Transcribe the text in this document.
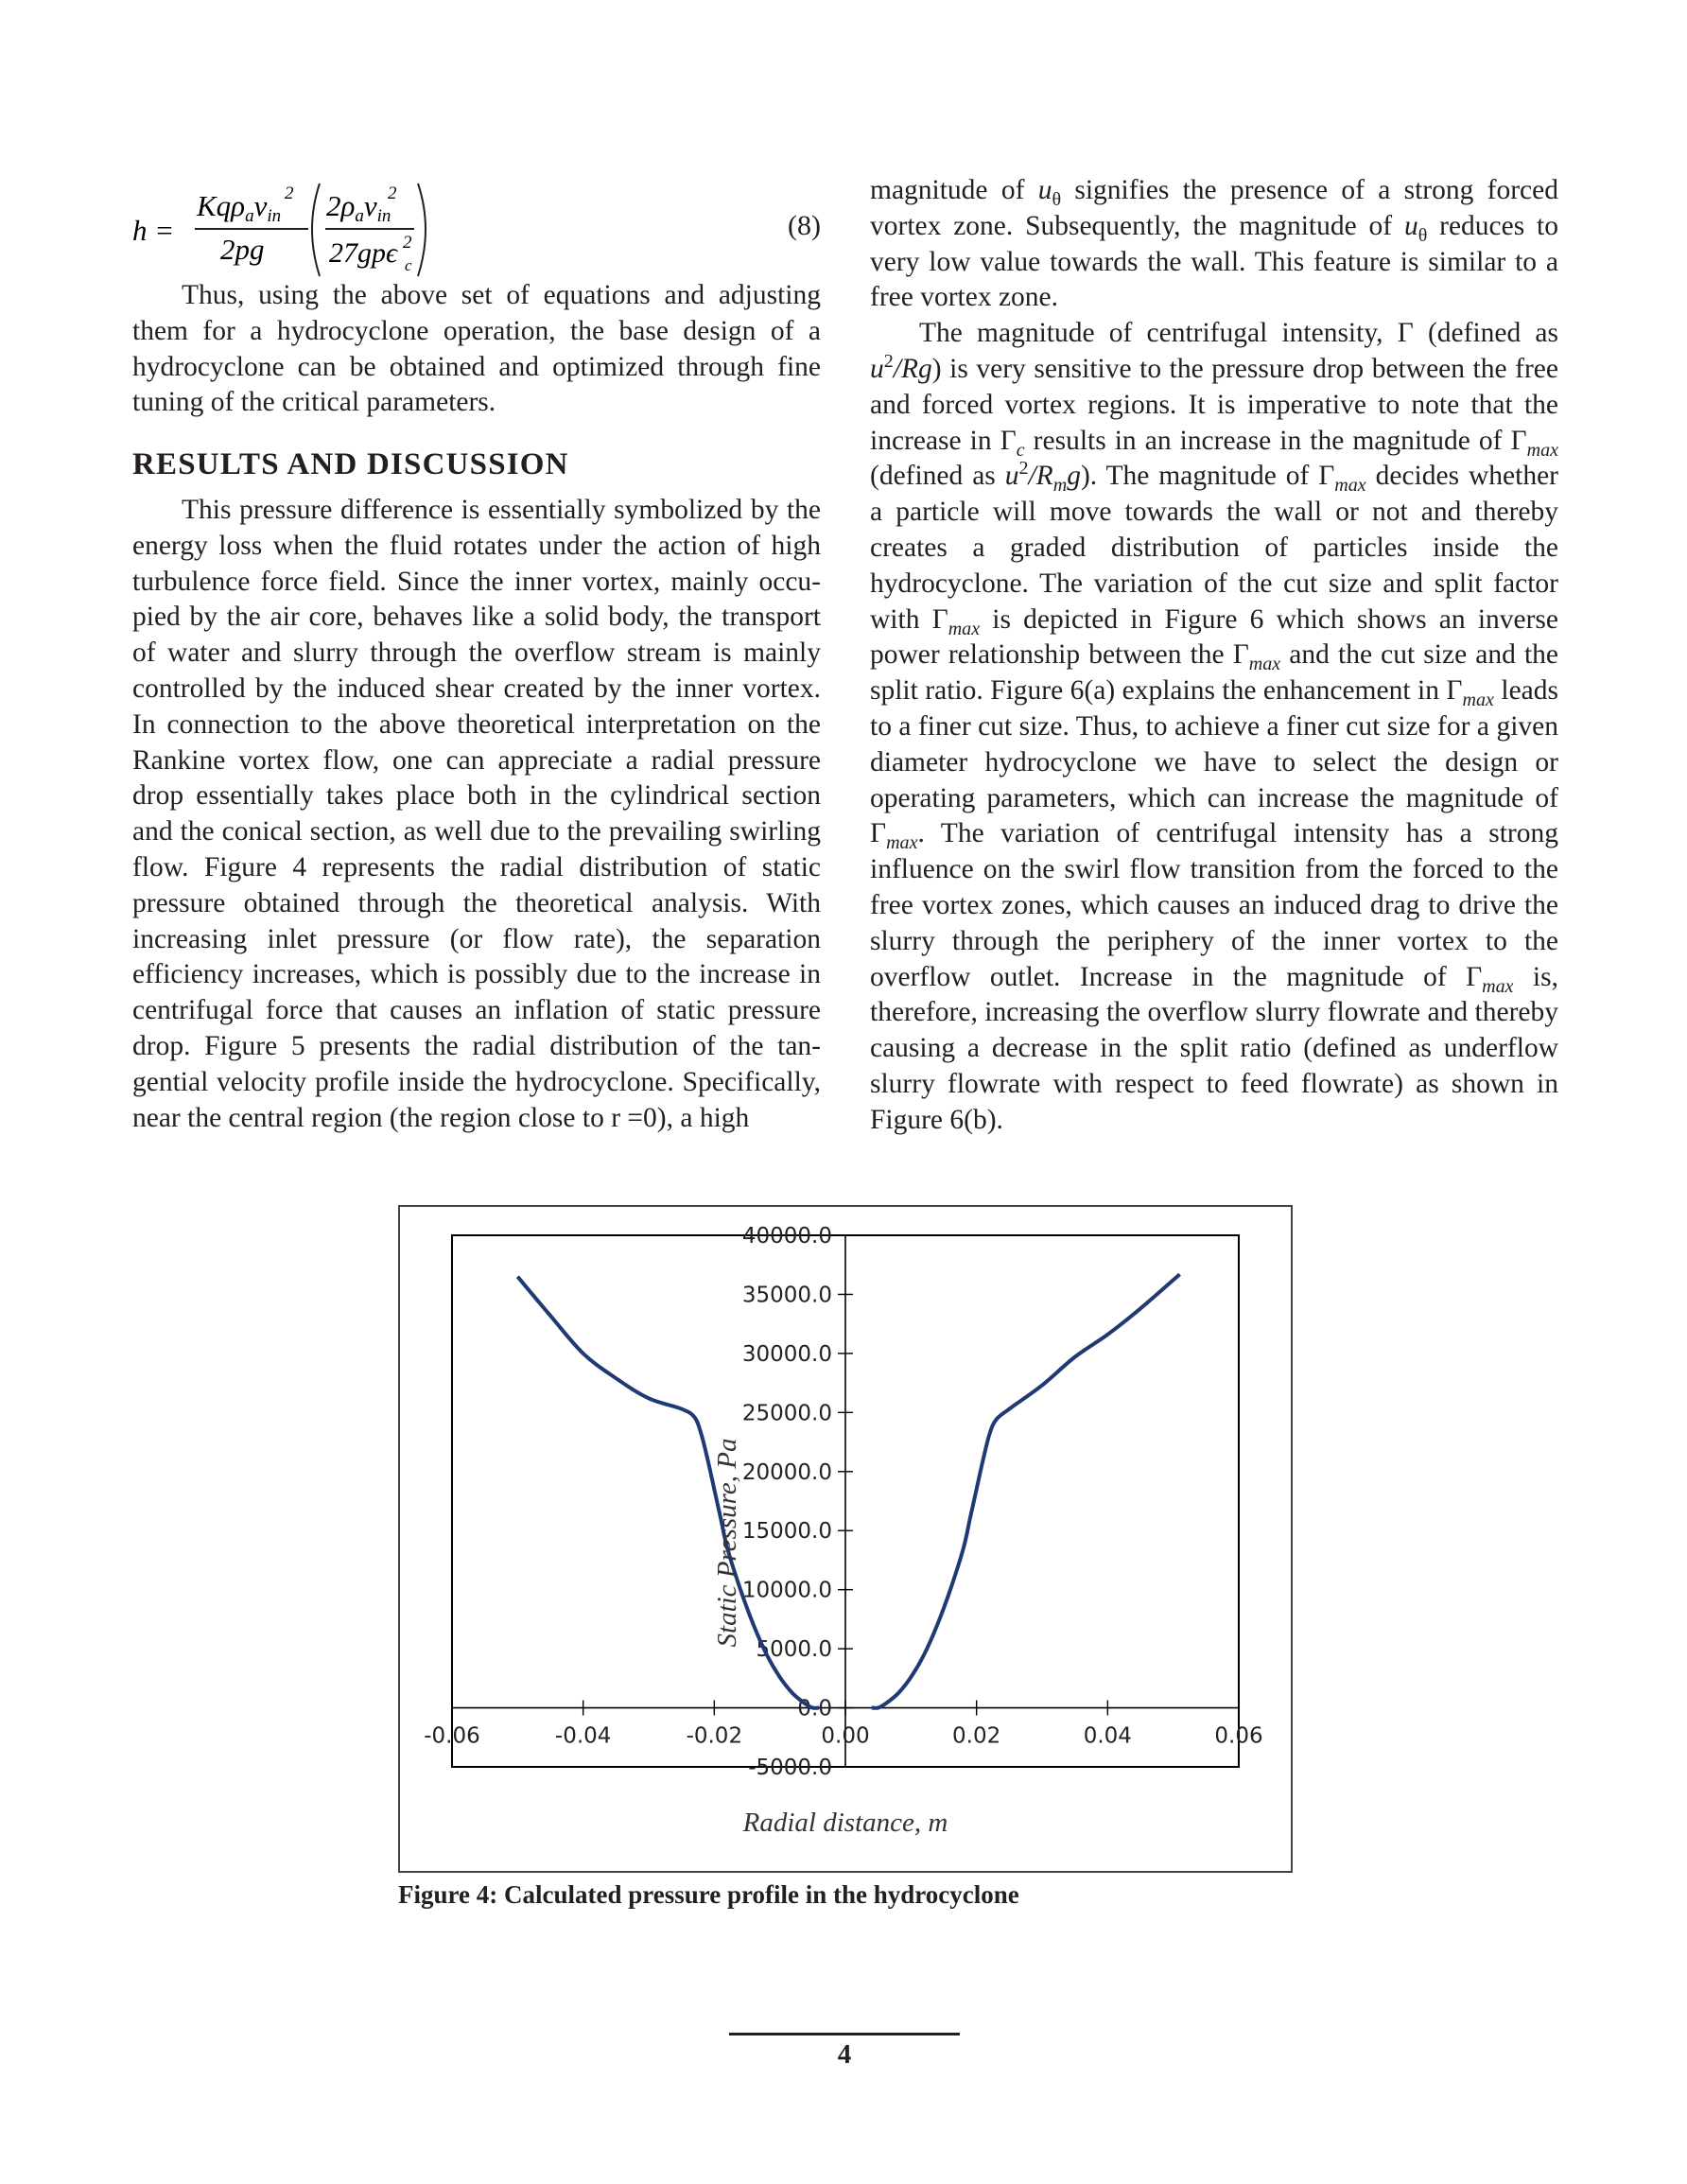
h =
Kqρavin
2
2pg
2ρavin
2
27gpϵ 2
c
(8)

Thus, using the above set of equations and adjusting them for a hydrocyclone operation, the base design of a hydrocyclone can be obtained and optimized through fine tuning of the critical parameters.

RESULTS AND DISCUSSION

This pressure difference is essentially symbolized by the energy loss when the fluid rotates under the action of high turbulence force field. Since the inner vortex, mainly occupied by the air core, behaves like a solid body, the transport of water and slurry through the overflow stream is mainly controlled by the induced shear created by the inner vortex. In connection to the above theoretical interpretation on the Rankine vortex flow, one can appreciate a radial pressure drop essentially takes place both in the cylindrical section and the conical section, as well due to the prevailing swirling flow. Figure 4 represents the radial distribution of static pressure obtained through the theoretical analysis. With increasing inlet pressure (or flow rate), the separation efficiency increases, which is possibly due to the increase in centrifugal force that causes an inflation of static pressure drop. Figure 5 presents the radial distribution of the tangential velocity profile inside the hydrocyclone. Specifically, near the central region (the region close to r =0), a high

magnitude of $u_\theta$ signifies the presence of a strong forced vortex zone. Subsequently, the magnitude of $u_\theta$ reduces to very low value towards the wall. This feature is similar to a free vortex zone.

The magnitude of centrifugal intensity, Γ (defined as $u^2/Rg$) is very sensitive to the pressure drop between the free and forced vortex regions. It is imperative to note that the increase in $\Gamma_c$ results in an increase in the magnitude of $\Gamma_{max}$ (defined as $u^2/R_mg$). The magnitude of $\Gamma_{max}$ decides whether a particle will move towards the wall or not and thereby creates a graded distribution of particles inside the hydrocyclone. The variation of the cut size and split factor with $\Gamma_{max}$ is depicted in Figure 6 which shows an inverse power relationship between the $\Gamma_{max}$ and the cut size and the split ratio. Figure 6(a) explains the enhancement in $\Gamma_{max}$ leads to a finer cut size. Thus, to achieve a finer cut size for a given diameter hydrocyclone we have to select the design or operating parameters, which can increase the magnitude of $\Gamma_{max}$. The variation of centrifugal intensity has a strong influence on the swirl flow transition from the forced to the free vortex zones, which causes an induced drag to drive the slurry through the periphery of the inner vortex to the overflow outlet. Increase in the magnitude of $\Gamma_{max}$ is, therefore, increasing the overflow slurry flowrate and thereby causing a decrease in the split ratio (defined as underflow slurry flowrate with respect to feed flowrate) as shown in Figure 6(b).

-0.06	-0.04	-0.02	0.00	0.02	0.04	0.06
-5000.0
0.0
5000.0
10000.0
15000.0
20000.0
25000.0
30000.0
35000.0
40000.0
Radial distance, m
Static Pressure, Pa
Figure 4: Calculated pressure profile in the hydrocyclone
4
